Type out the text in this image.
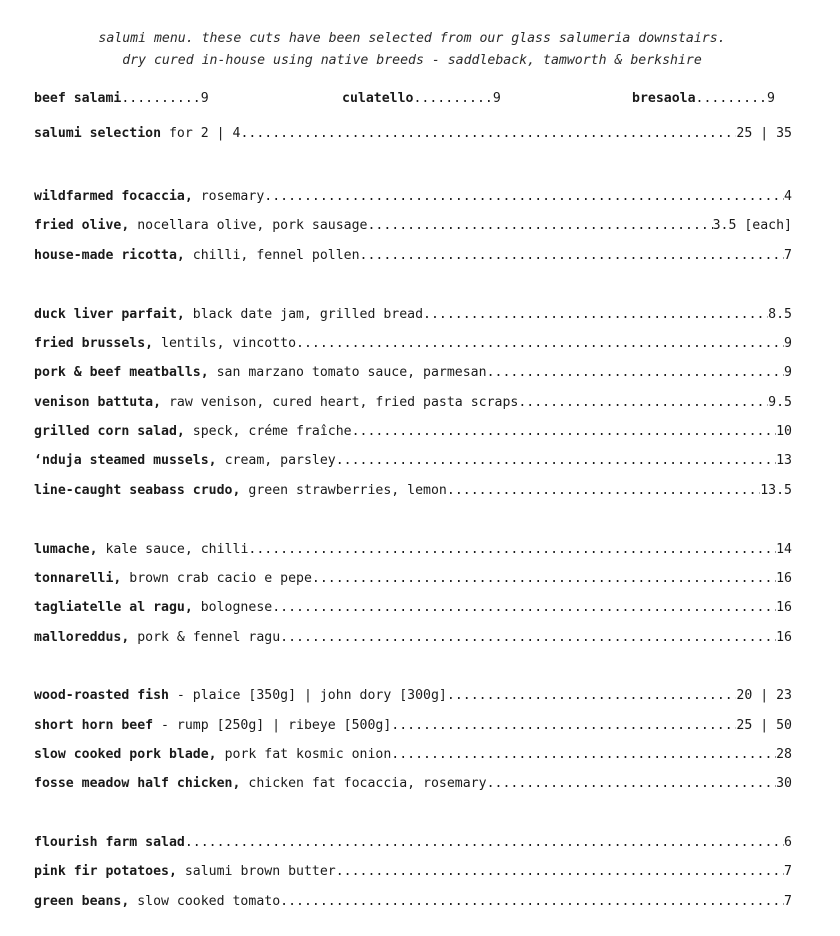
salumi menu. these cuts have been selected from our glass salumeria downstairs.
dry cured in-house using native breeds - saddleback, tamworth & berkshire
beef salami..........9	culatello..........9	bresaola.........9
salumi selection for 2 | 4 .....	25 | 35
wildfarmed focaccia, rosemary .....	4
fried olive, nocellara olive, pork sausage .....	3.5 [each]
house-made ricotta, chilli, fennel pollen .....	7
duck liver parfait, black date jam, grilled bread .....	8.5
fried brussels, lentils, vincotto .....	9
pork & beef meatballs, san marzano tomato sauce, parmesan .....	9
venison battuta, raw venison, cured heart, fried pasta scraps .....	9.5
grilled corn salad, speck, créme fraîche .....	10
‘nduja steamed mussels, cream, parsley .....	13
line-caught seabass crudo, green strawberries, lemon .....	13.5
lumache, kale sauce, chilli .....	14
tonnarelli, brown crab cacio e pepe .....	16
tagliatelle al ragu, bolognese .....	16
malloreddus, pork & fennel ragu .....	16
wood-roasted fish - plaice [350g] | john dory [300g] .....	20 | 23
short horn beef - rump [250g] | ribeye [500g] .....	25 | 50
slow cooked pork blade, pork fat kosmic onion .....	28
fosse meadow half chicken, chicken fat focaccia, rosemary .....	30
flourish farm salad .....	6
pink fir potatoes, salumi brown butter .....	7
green beans, slow cooked tomato .....	7
